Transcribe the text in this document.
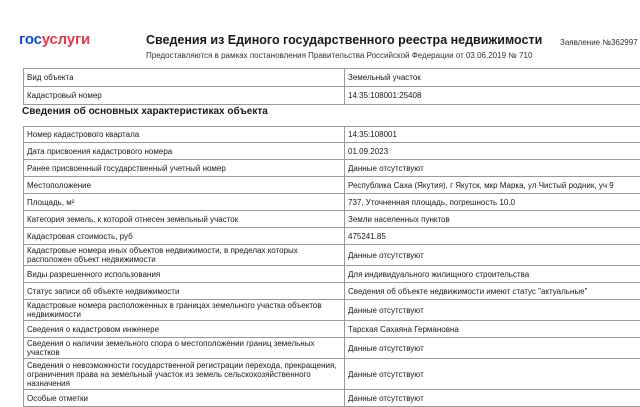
госуслуги	Сведения из Единого государственного реестра недвижимости
Предоставляются в рамках постановления Правительства Российской Федерации от 03.06.2019 № 710
Заявление №362997
Вид объекта	Земельный участок
Кадастровый номер	14:35:108001:25408
Сведения об основных характеристиках объекта
Номер кадастрового квартала	14:35:108001
Дата присвоения кадастрового номера	01.09.2023
Ранее присвоенный государственный учетный номер	Данные отсутствуют
Местоположение	Республика Саха (Якутия), г Якутск, мкр Марка, ул Чистый родник, уч 9
Площадь, м²	737, Уточненная площадь, погрешность 10.0
Категория земель, к которой отнесен земельный участок	Земли населенных пунктов
Кадастровая стоимость, руб	475241.85
Кадастровые номера иных объектов недвижимости, в пределах которых расположен объект недвижимости	Данные отсутствуют
Виды разрешенного использования	Для индивидуального жилищного строительства
Статус записи об объекте недвижимости	Сведения об объекте недвижимости имеют статус "актуальные"
Кадастровые номера расположенных в границах земельного участка объектов недвижимости	Данные отсутствуют
Сведения о кадастровом инженере	Тарская Сахаяна Германовна
Сведения о наличии земельного спора о местоположении границ земельных участков	Данные отсутствуют
Сведения о невозможности государственной регистрации перехода, прекращения, ограничения права на земельный участок из земель сельскохозяйственного назначения	Данные отсутствуют
Особые отметки	Данные отсутствуют
